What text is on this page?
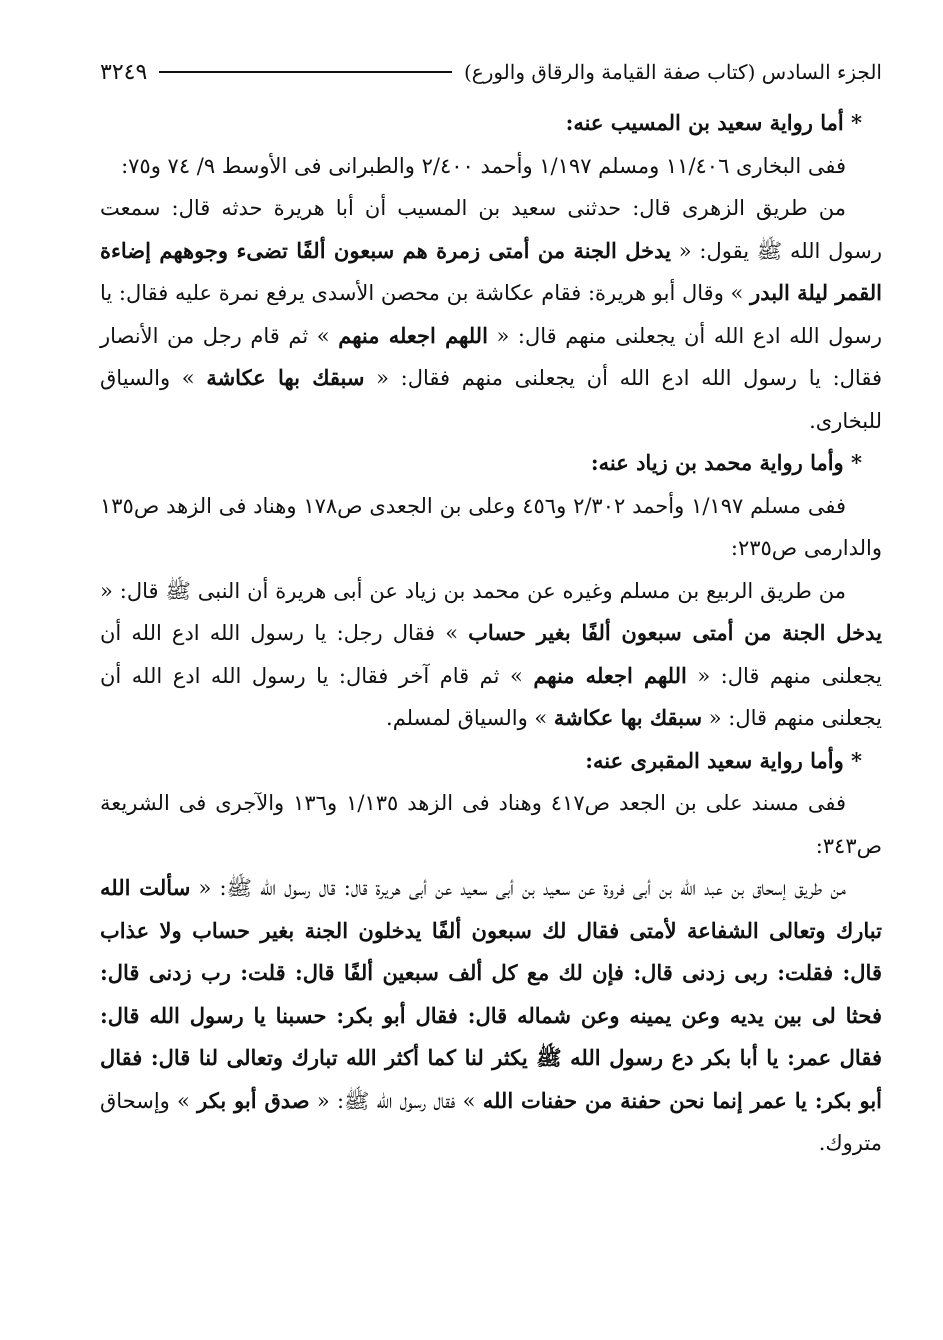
الجزء السادس (كتاب صفة القيامة والرقاق والورع)
٣٢٤٩

* أما رواية سعيد بن المسيب عنه:

ففى البخارى ١١/٤٠٦ ومسلم ١/١٩٧ وأحمد ٢/٤٠٠ والطبرانى فى الأوسط ٩/ ٧٤ و٧٥:

من طريق الزهرى قال: حدثنى سعيد بن المسيب أن أبا هريرة حدثه قال: سمعت رسول الله ﷺ يقول: « يدخل الجنة من أمتى زمرة هم سبعون ألفًا تضىء وجوههم إضاءة القمر ليلة البدر » وقال أبو هريرة: فقام عكاشة بن محصن الأسدى يرفع نمرة عليه فقال: يا رسول الله ادع الله أن يجعلنى منهم قال: « اللهم اجعله منهم » ثم قام رجل من الأنصار فقال: يا رسول الله ادع الله أن يجعلنى منهم فقال: « سبقك بها عكاشة » والسياق للبخارى.

* وأما رواية محمد بن زياد عنه:

ففى مسلم ١/١٩٧ وأحمد ٢/٣٠٢ و٤٥٦ وعلى بن الجعدى ص١٧٨ وهناد فى الزهد ص١٣٥ والدارمى ص٢٣٥:

من طريق الربيع بن مسلم وغيره عن محمد بن زياد عن أبى هريرة أن النبى ﷺ قال: « يدخل الجنة من أمتى سبعون ألفًا بغير حساب » فقال رجل: يا رسول الله ادع الله أن يجعلنى منهم قال: « اللهم اجعله منهم » ثم قام آخر فقال: يا رسول الله ادع الله أن يجعلنى منهم قال: « سبقك بها عكاشة » والسياق لمسلم.

* وأما رواية سعيد المقبرى عنه:

ففى مسند على بن الجعد ص٤١٧ وهناد فى الزهد ١/١٣٥ و١٣٦ والآجرى فى الشريعة ص٣٤٣:

من طريق إسحاق بن عبد الله بن أبى فروة عن سعيد بن أبى سعيد عن أبى هريرة قال: قال رسول الله ﷺ: « سألت الله تبارك وتعالى الشفاعة لأمتى فقال لك سبعون ألفًا يدخلون الجنة بغير حساب ولا عذاب قال: فقلت: ربى زدنى قال: فإن لك مع كل ألف سبعين ألفًا قال: قلت: رب زدنى قال: فحثا لى بين يديه وعن يمينه وعن شماله قال: فقال أبو بكر: حسبنا يا رسول الله قال: فقال عمر: يا أبا بكر دع رسول الله ﷺ يكثر لنا كما أكثر الله تبارك وتعالى لنا قال: فقال أبو بكر: يا عمر إنما نحن حفنة من حفنات الله » فقال رسول الله ﷺ: « صدق أبو بكر » وإسحاق متروك.
